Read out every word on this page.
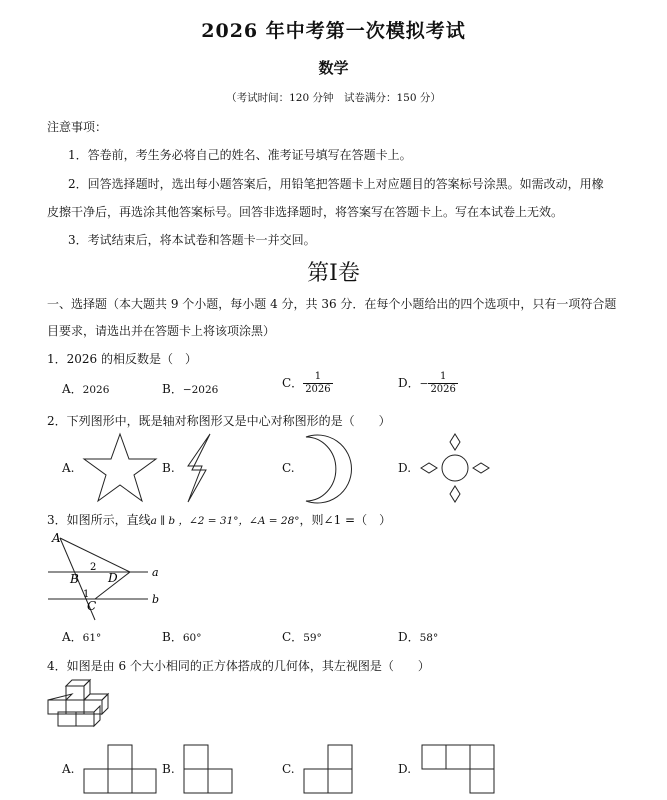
2026 年中考第一次模拟考试
数学
（考试时间：120 分钟　试卷满分：150 分）
注意事项：
1．答卷前，考生务必将自己的姓名、准考证号填写在答题卡上。
2．回答选择题时，选出每小题答案后，用铅笔把答题卡上对应题目的答案标号涂黑。如需改动，用橡
皮擦干净后，再选涂其他答案标号。回答非选择题时，将答案写在答题卡上。写在本试卷上无效。
3．考试结束后，将本试卷和答题卡一并交回。
第Ⅰ卷
一、选择题（本大题共 9 个小题，每小题 4 分，共 36 分．在每个小题给出的四个选项中，只有一项符合题
目要求，请选出并在答题卡上将该项涂黑）
1．2026 的相反数是（　）
A．2026	B．−2026	C． $\frac{1}{2026}$	D．− $\frac{1}{2026}$
2．下列图形中，既是轴对称图形又是中心对称图形的是（　　）
A.	B.	C.	D.
3．如图所示，直线a ∥ b ，∠2 = 31°，∠A = 28°，则∠1 =（　）
A
B D
C
2
1
a
b
A．61°	B．60°	C．59°	D．58°
4．如图是由 6 个大小相同的正方体搭成的几何体，其左视图是（　　）
A.	B.	C.	D.
